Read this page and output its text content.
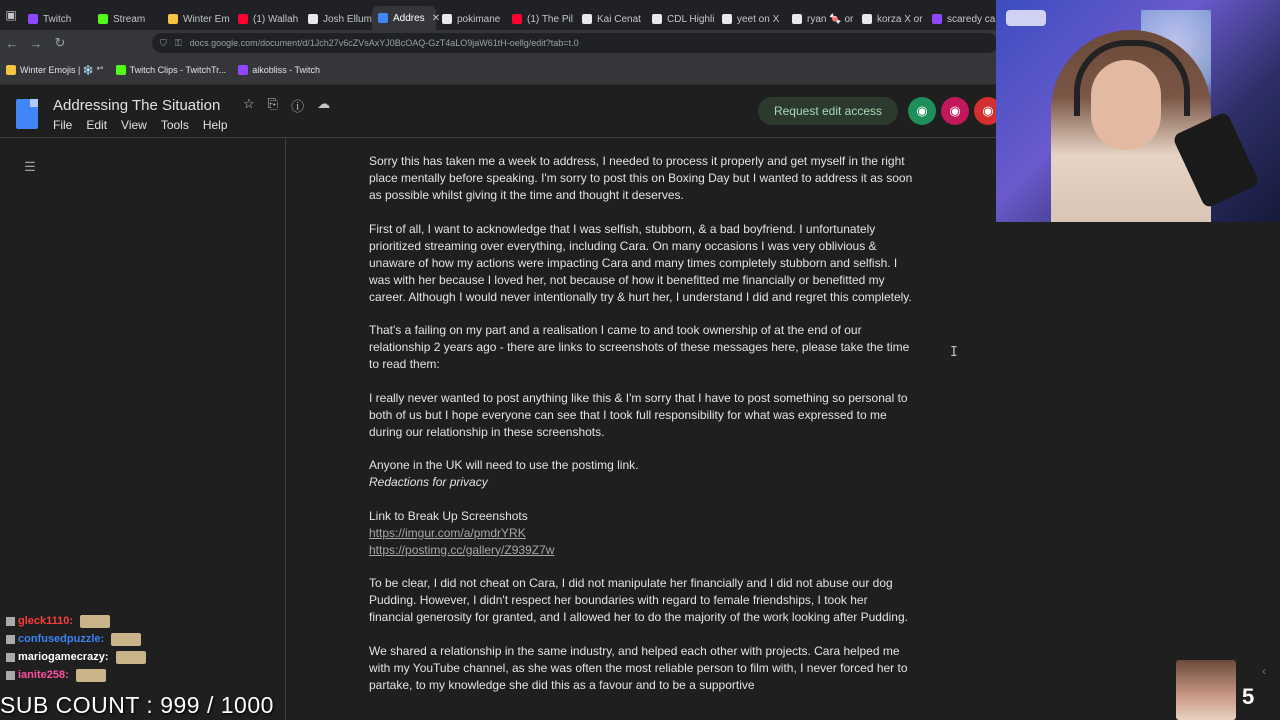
▣	Twitch	Stream	Winter Em (1) Wallah Josh Ellum Addres ✕ pokimane	(1) The Pil Kai Cenat	CDL Highli yeet on X	ryan 🍬 or korza X or scaredy ca
← → ↻	⛉ ⚿ docs.google.com/document/d/1Jch27v6cZVsAxYJ0BcOAQ-GzT4aLO9jaW61tH-oellg/edit?tab=t.0
Winter Emojis | ❄️ *°	Twitch Clips - TwitchTr...	aikobliss - Twitch
Addressing The Situation ☆ ⎘ ⓘ ☁
File Edit View Tools Help
Request edit access	◉	◉	◉
☰	Sorry this has taken me a week to address, I needed to process it properly and get myself in the right place mentally before speaking. I'm sorry to post this on Boxing Day but I wanted to address it as soon as possible whilst giving it the time and thought it deserves.

First of all, I want to acknowledge that I was selfish, stubborn, & a bad boyfriend. I unfortunately prioritized streaming over everything, including Cara. On many occasions I was very oblivious & unaware of how my actions were impacting Cara and many times completely stubborn and selfish. I was with her because I loved her, not because of how it benefitted me financially or benefitted my career. Although I would never intentionally try & hurt her, I understand I did and regret this completely.

That's a failing on my part and a realisation I came to and took ownership of at the end of our relationship 2 years ago - there are links to screenshots of these messages here, please take the time to read them:

I really never wanted to post anything like this & I'm sorry that I have to post something so personal to both of us but I hope everyone can see that I took full responsibility for what was expressed to me during our relationship in these screenshots.

Anyone in the UK will need to use the postimg link.
Redactions for privacy

Link to Break Up Screenshots
https://imgur.com/a/pmdrYRK
https://postimg.cc/gallery/Z939Z7w

To be clear, I did not cheat on Cara, I did not manipulate her financially and I did not abuse our dog Pudding. However, I didn't respect her boundaries with regard to female friendships, I took her financial generosity for granted, and I allowed her to do the majority of the work looking after Pudding.

We shared a relationship in the same industry, and helped each other with projects. Cara helped me with my YouTube channel, as she was often the most reliable person to film with, I never forced her to partake, to my knowledge she did this as a favour and to be a supportive

I
gleck1110:
confusedpuzzle:
mariogamecrazy:
ianite258:
SUB COUNT : 999 / 1000	5
‹
